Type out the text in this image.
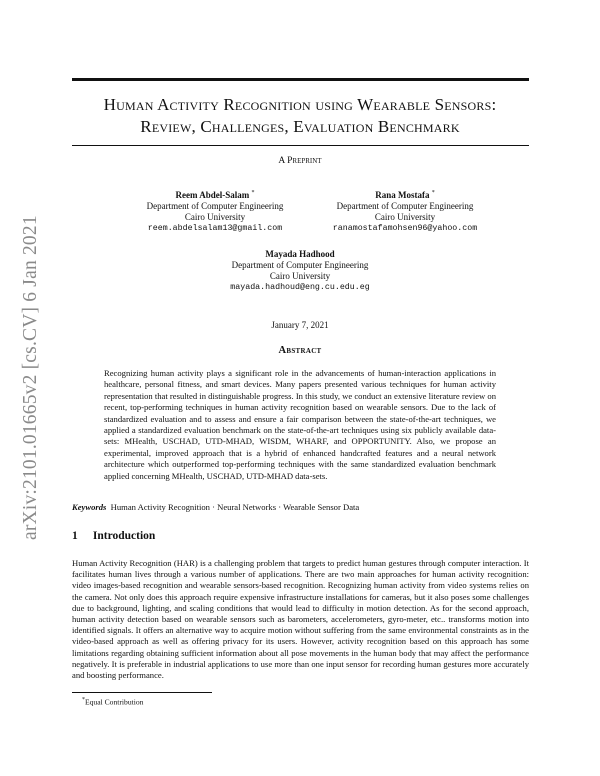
arXiv:2101.01665v2 [cs.CV] 6 Jan 2021
Human Activity Recognition using Wearable Sensors:
Review, Challenges, Evaluation Benchmark
A Preprint
Reem Abdel-Salam *
Department of Computer Engineering
Cairo University
reem.abdelsalam13@gmail.com
Rana Mostafa *
Department of Computer Engineering
Cairo University
ranamostafamohsen96@yahoo.com
Mayada Hadhood
Department of Computer Engineering
Cairo University
mayada.hadhoud@eng.cu.edu.eg
January 7, 2021
Abstract
Recognizing human activity plays a significant role in the advancements of human-interaction applications in healthcare, personal fitness, and smart devices. Many papers presented various techniques for human activity representation that resulted in distinguishable progress. In this study, we conduct an extensive literature review on recent, top-performing techniques in human activity recognition based on wearable sensors. Due to the lack of standardized evaluation and to assess and ensure a fair comparison between the state-of-the-art techniques, we applied a standardized evaluation benchmark on the state-of-the-art techniques using six publicly available data-sets: MHealth, USCHAD, UTD-MHAD, WISDM, WHARF, and OPPORTUNITY. Also, we propose an experimental, improved approach that is a hybrid of enhanced handcrafted features and a neural network architecture which outperformed top-performing techniques with the same standardized evaluation benchmark applied concerning MHealth, USCHAD, UTD-MHAD data-sets.
Keywords Human Activity Recognition · Neural Networks · Wearable Sensor Data
1 Introduction
Human Activity Recognition (HAR) is a challenging problem that targets to predict human gestures through computer interaction. It facilitates human lives through a various number of applications. There are two main approaches for human activity recognition: video images-based recognition and wearable sensors-based recognition. Recognizing human activity from video systems relies on the camera. Not only does this approach require expensive infrastructure installations for cameras, but it also poses some challenges due to background, lighting, and scaling conditions that would lead to difficulty in motion detection. As for the second approach, human activity detection based on wearable sensors such as barometers, accelerometers, gyro-meter, etc.. transforms motion into identified signals. It offers an alternative way to acquire motion without suffering from the same environmental constraints as in the video-based approach as well as offering privacy for its users. However, activity recognition based on this approach has some limitations regarding obtaining sufficient information about all pose movements in the human body that may affect the performance negatively. It is preferable in industrial applications to use more than one input sensor for recording human gestures more accurately and boosting performance.
*Equal Contribution
